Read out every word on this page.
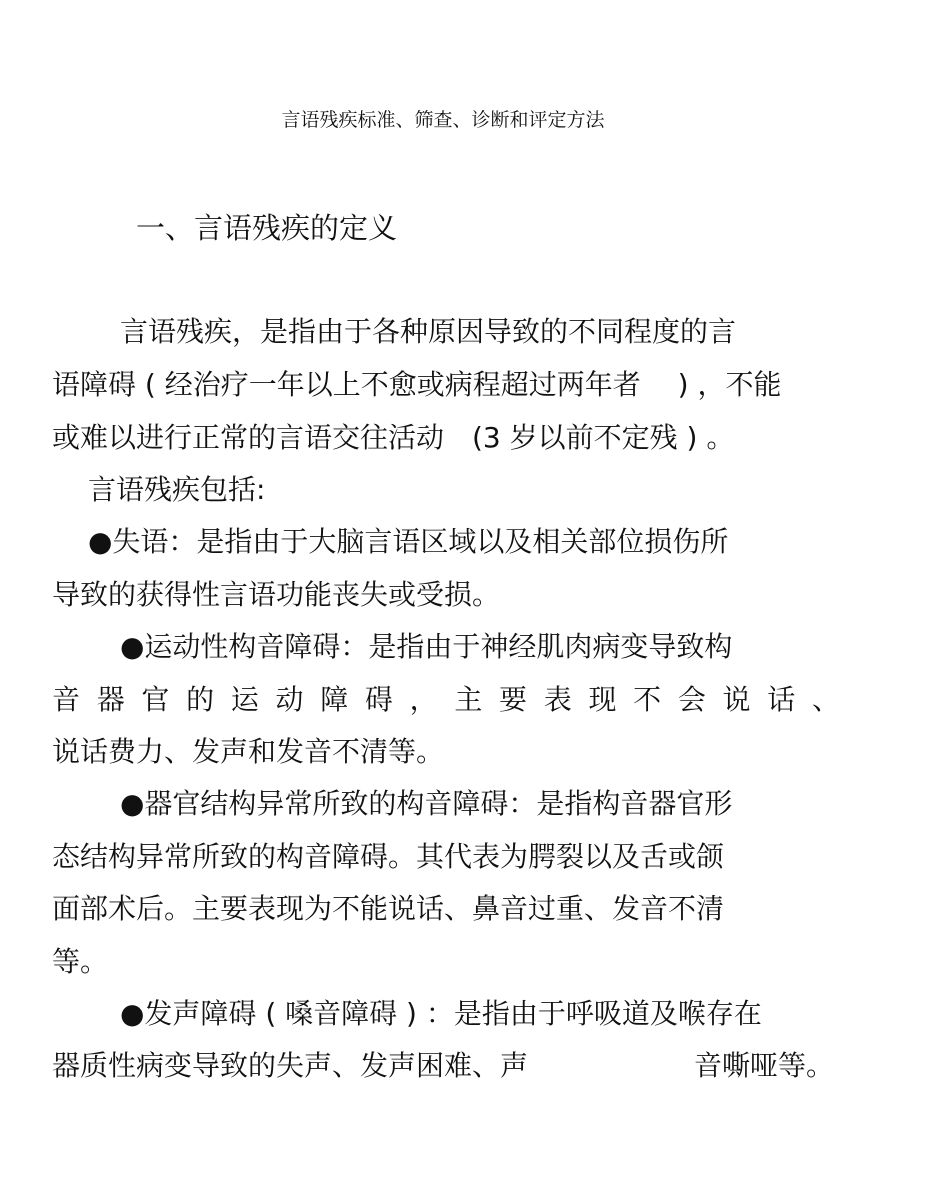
言语残疾标准、筛查、诊断和评定方法
一、言语残疾的定义
言语残疾，是指由于各种原因导致的不同程度的言
语障碍 ( 经治疗一年以上不愈或病程超过两年者　 ) ，不能
或难以进行正常的言语交往活动　(3 岁以前不定残 ) 。
言语残疾包括:
●失语：是指由于大脑言语区域以及相关部位损伤所
导致的获得性言语功能丧失或受损。
●运动性构音障碍：是指由于神经肌肉病变导致构
音 器 官 的 运 动 障 碍 ， 主 要 表 现 不 会 说 话 、
说话费力、发声和发音不清等。
●器官结构异常所致的构音障碍：是指构音器官形
态结构异常所致的构音障碍。其代表为腭裂以及舌或颌
面部术后。主要表现为不能说话、鼻音过重、发音不清
等。
●发声障碍 ( 嗓音障碍 ) ：是指由于呼吸道及喉存在
器质性病变导致的失声、发声困难、声	音嘶哑等。
